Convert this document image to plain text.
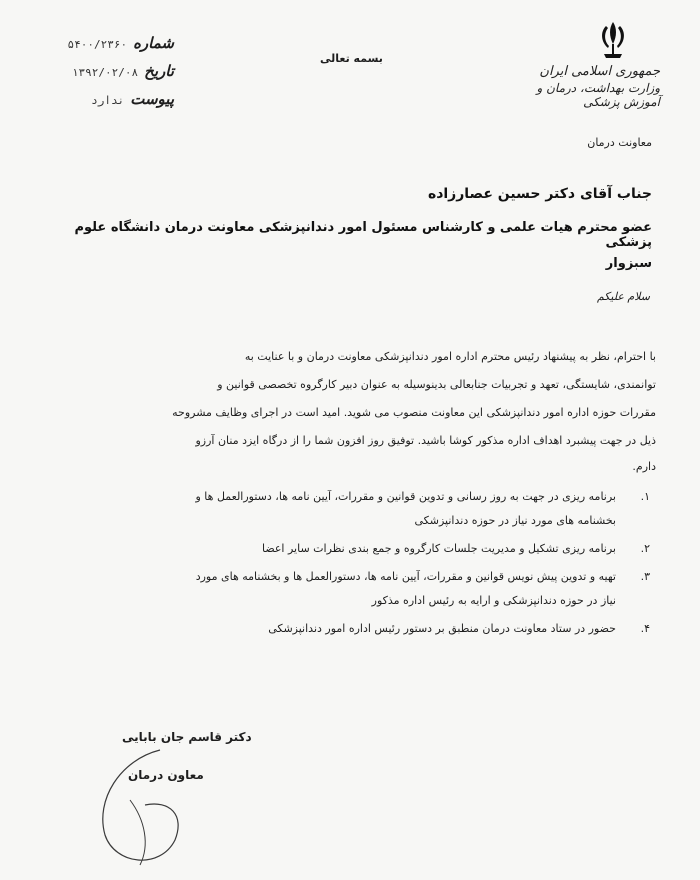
جمهوری اسلامی ایران
وزارت بهداشت، درمان و آموزش پزشکی
معاونت درمان
بسمه تعالی
شماره
۵۴۰۰/۲۳۶۰
تاریخ
۱۳۹۲/۰۲/۰۸
پیوست
ندارد
جناب آقای دکتر حسین عصارزاده
عضو محترم هیات علمی و کارشناس مسئول امور دندانپزشکی معاونت درمان دانشگاه علوم پزشکی
سبزوار
سلام علیکم
با احترام، نظر به پیشنهاد رئیس محترم اداره امور دندانپزشکی معاونت درمان و با عنایت به
توانمندی، شایستگی، تعهد و تجربیات جنابعالی بدینوسیله به عنوان دبیر کارگروه تخصصی قوانین و
مقررات حوزه اداره امور دندانپزشکی این معاونت منصوب می شوید. امید است در اجرای وظایف مشروحه
ذیل در جهت پیشبرد اهداف اداره مذکور کوشا باشید. توفیق روز افزون شما را از درگاه ایزد منان آرزو
دارم.
۱.
برنامه ریزی در جهت به روز رسانی و تدوین قوانین و مقررات، آیین نامه ها، دستورالعمل ها و
بخشنامه های مورد نیاز در حوزه دندانپزشکی
۲.
برنامه ریزی تشکیل و مدیریت جلسات کارگروه و جمع بندی نظرات سایر اعضا
۳.
تهیه و تدوین پیش نویس قوانین و مقررات، آیین نامه ها، دستورالعمل ها و بخشنامه های مورد
نیاز در حوزه دندانپزشکی و ارایه به رئیس اداره مذکور
۴.
حضور در ستاد معاونت درمان منطبق بر دستور رئیس اداره امور دندانپزشکی
دکتر قاسم جان بابایی
معاون درمان
